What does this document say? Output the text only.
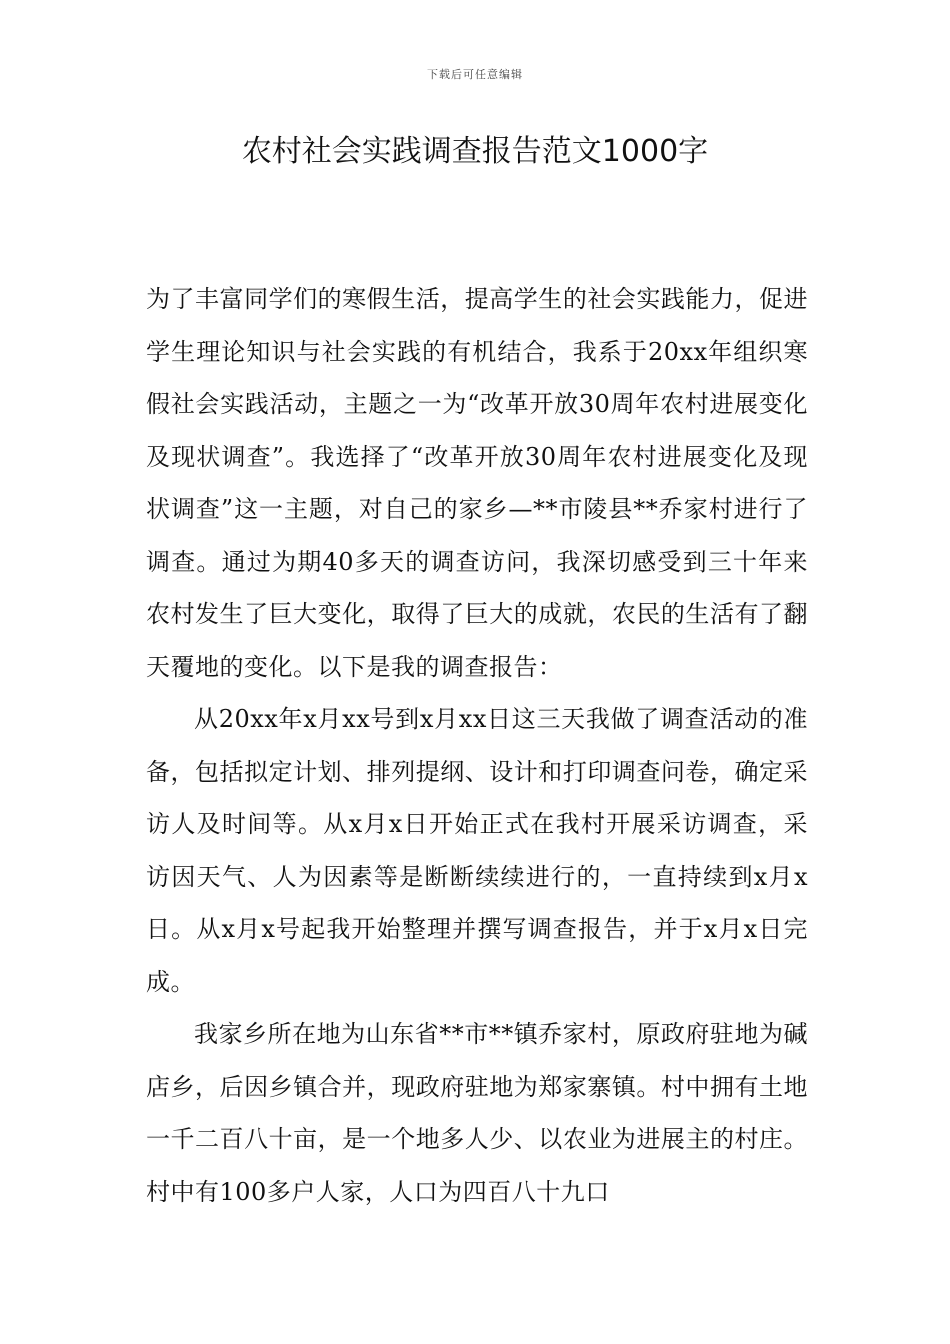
下载后可任意编辑
农村社会实践调查报告范文1000字

为了丰富同学们的寒假生活，提高学生的社会实践能力，促进学生理论知识与社会实践的有机结合，我系于20xx年组织寒假社会实践活动，主题之一为“改革开放30周年农村进展变化及现状调查”。我选择了“改革开放30周年农村进展变化及现状调查”这一主题，对自己的家乡—**市陵县**乔家村进行了调查。通过为期40多天的调查访问，我深切感受到三十年来农村发生了巨大变化，取得了巨大的成就，农民的生活有了翻天覆地的变化。以下是我的调查报告：

从20xx年x月xx号到x月xx日这三天我做了调查活动的准备，包括拟定计划、排列提纲、设计和打印调查问卷，确定采访人及时间等。从x月x日开始正式在我村开展采访调查，采访因天气、人为因素等是断断续续进行的，一直持续到x月x日。从x月x号起我开始整理并撰写调查报告，并于x月x日完成。

我家乡所在地为山东省**市**镇乔家村，原政府驻地为碱店乡，后因乡镇合并，现政府驻地为郑家寨镇。村中拥有土地一千二百八十亩，是一个地多人少、以农业为进展主的村庄。村中有100多户人家，人口为四百八十九口
